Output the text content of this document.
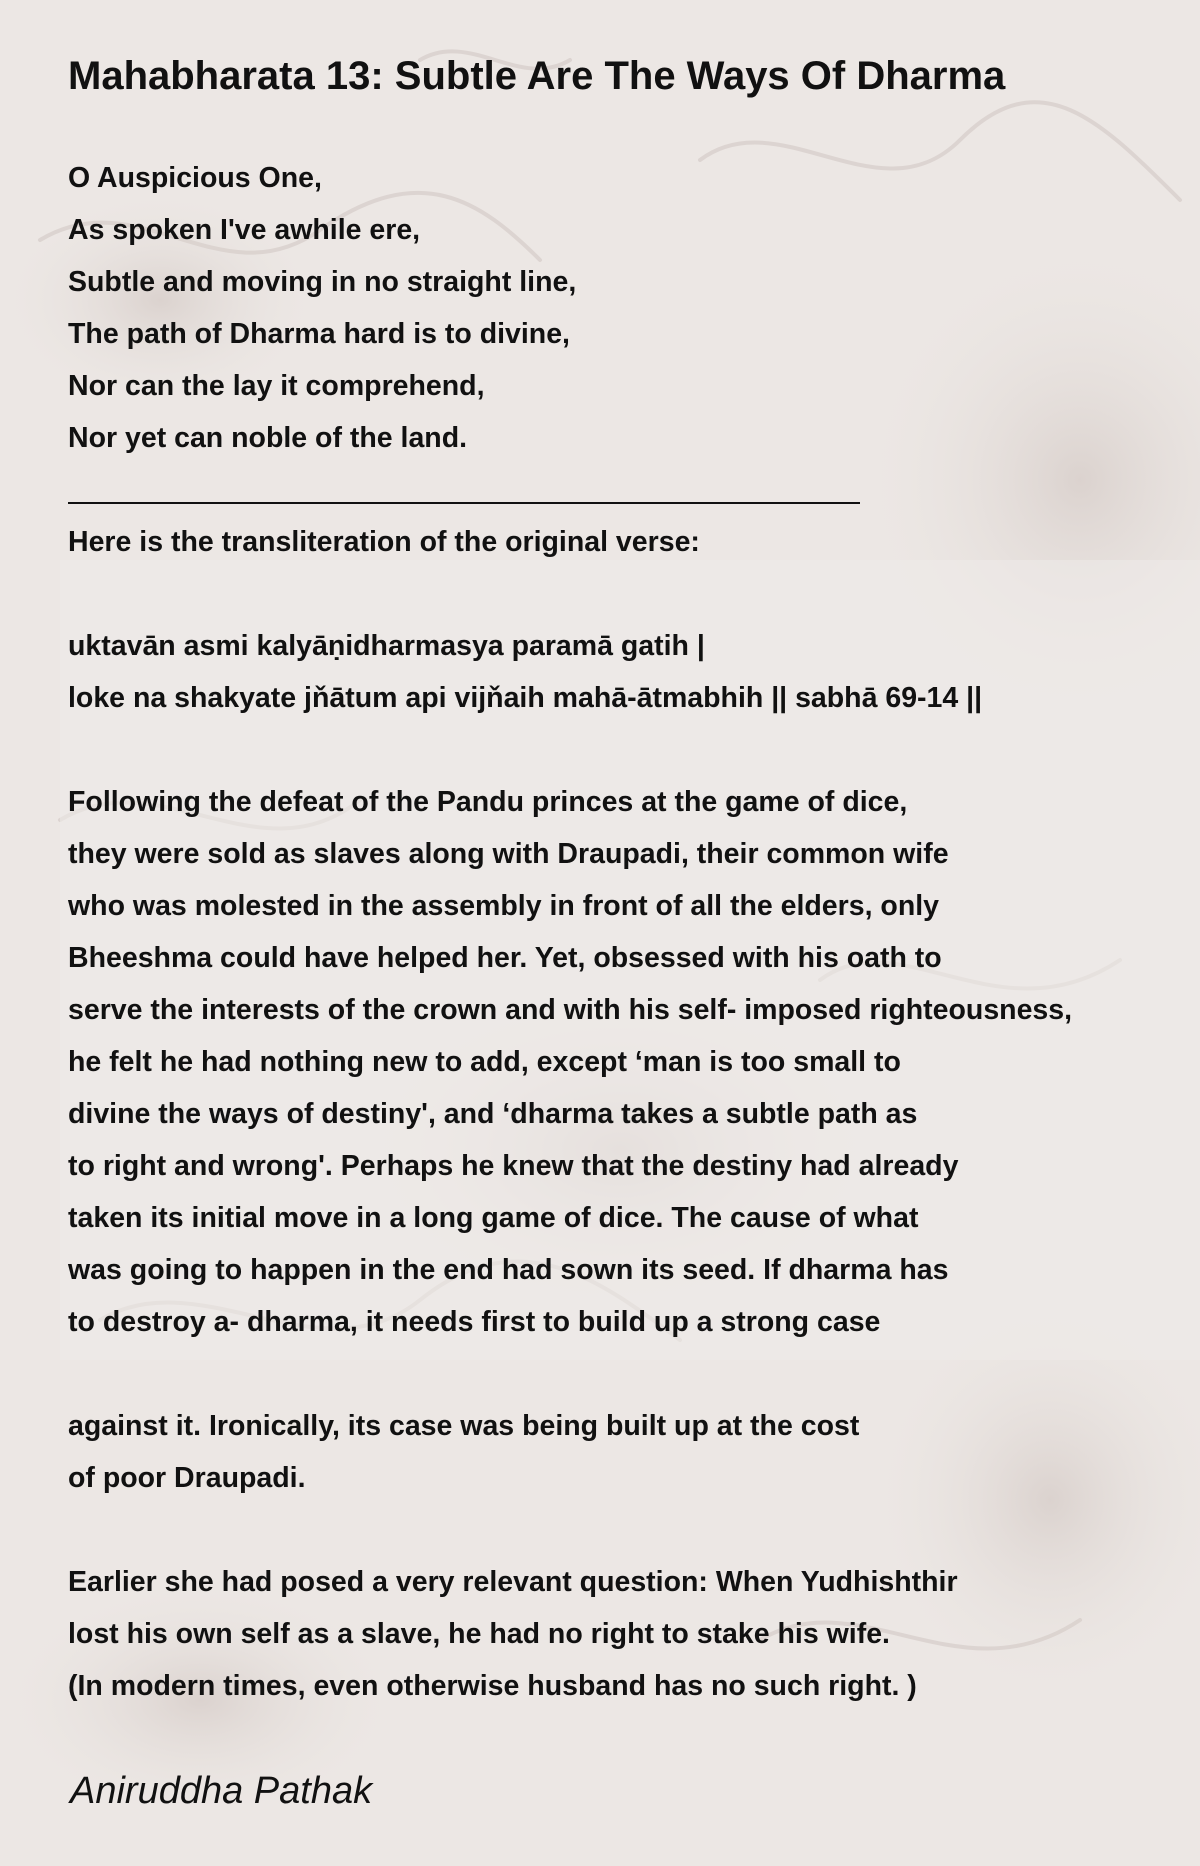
Mahabharata 13: Subtle Are The Ways Of Dharma
O Auspicious One,
As spoken I've awhile ere,
Subtle and moving in no straight line,
The path of Dharma hard is to divine,
Nor can the lay it comprehend,
Nor yet can noble of the land.
Here is the transliteration of the original verse:
uktavān asmi kalyāṇidharmasya paramā gatih |
loke na shakyate jňātum api vijňaih mahā-ātmabhih || sabhā 69-14 ||
Following the defeat of the Pandu princes at the game of dice,
they were sold as slaves along with Draupadi, their common wife
who was molested in the assembly in front of all the elders, only
Bheeshma could have helped her. Yet, obsessed with his oath to
serve the interests of the crown and with his self- imposed righteousness,
he felt he had nothing new to add, except ‘man is too small to
divine the ways of destiny', and ‘dharma takes a subtle path as
to right and wrong'. Perhaps he knew that the destiny had already
taken its initial move in a long game of dice. The cause of what
was going to happen in the end had sown its seed. If dharma has
to destroy a- dharma, it needs first to build up a strong case
against it. Ironically, its case was being built up at the cost
of poor Draupadi.
Earlier she had posed a very relevant question: When Yudhishthir
lost his own self as a slave, he had no right to stake his wife.
(In modern times, even otherwise husband has no such right. )

Aniruddha Pathak
